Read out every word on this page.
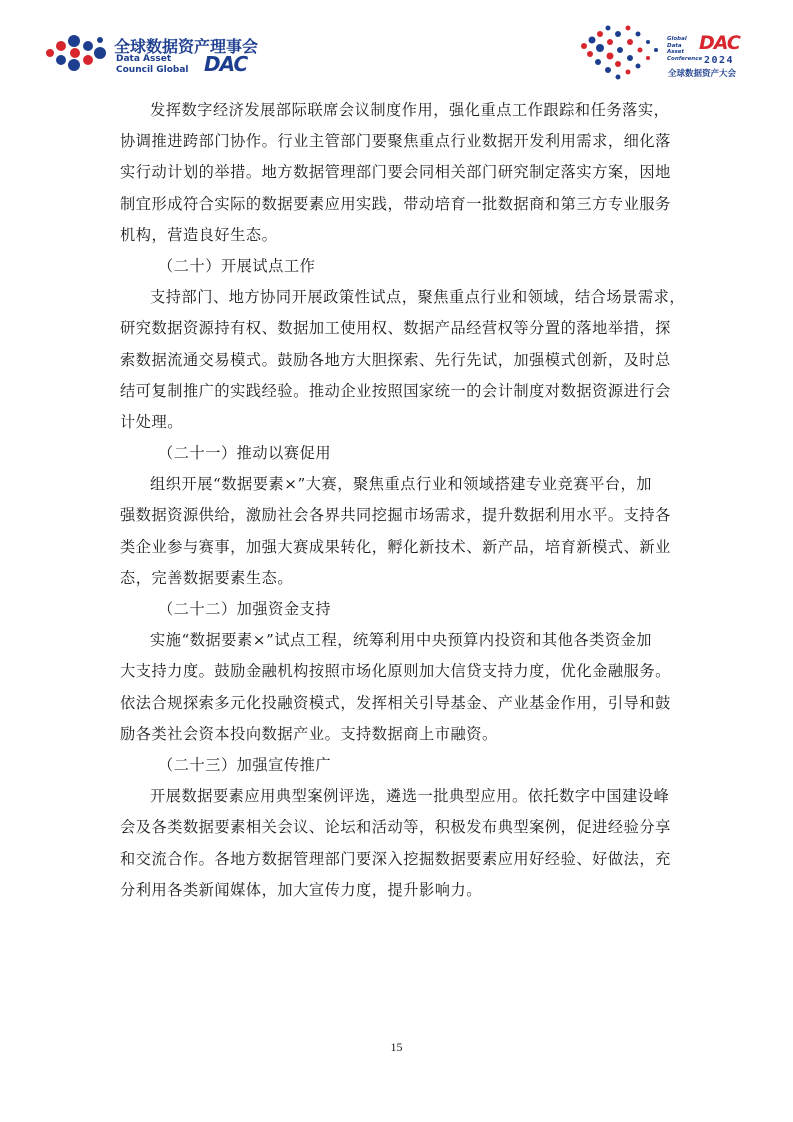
全球数据资产理事会
Data Asset
Council Global DAC
Global
Data
Asset
Conference
DAC
2024
全球数据资产大会
发挥数字经济发展部际联席会议制度作用，强化重点工作跟踪和任务落实，
协调推进跨部门协作。行业主管部门要聚焦重点行业数据开发利用需求，细化落
实行动计划的举措。地方数据管理部门要会同相关部门研究制定落实方案，因地
制宜形成符合实际的数据要素应用实践，带动培育一批数据商和第三方专业服务
机构，营造良好生态。
（二十）开展试点工作
支持部门、地方协同开展政策性试点，聚焦重点行业和领域，结合场景需求，
研究数据资源持有权、数据加工使用权、数据产品经营权等分置的落地举措，探
索数据流通交易模式。鼓励各地方大胆探索、先行先试，加强模式创新，及时总
结可复制推广的实践经验。推动企业按照国家统一的会计制度对数据资源进行会
计处理。
（二十一）推动以赛促用
组织开展“数据要素×”大赛，聚焦重点行业和领域搭建专业竞赛平台，加
强数据资源供给，激励社会各界共同挖掘市场需求，提升数据利用水平。支持各
类企业参与赛事，加强大赛成果转化，孵化新技术、新产品，培育新模式、新业
态，完善数据要素生态。
（二十二）加强资金支持
实施“数据要素×”试点工程，统筹利用中央预算内投资和其他各类资金加
大支持力度。鼓励金融机构按照市场化原则加大信贷支持力度，优化金融服务。
依法合规探索多元化投融资模式，发挥相关引导基金、产业基金作用，引导和鼓
励各类社会资本投向数据产业。支持数据商上市融资。
（二十三）加强宣传推广
开展数据要素应用典型案例评选，遴选一批典型应用。依托数字中国建设峰
会及各类数据要素相关会议、论坛和活动等，积极发布典型案例，促进经验分享
和交流合作。各地方数据管理部门要深入挖掘数据要素应用好经验、好做法，充
分利用各类新闻媒体，加大宣传力度，提升影响力。
15
